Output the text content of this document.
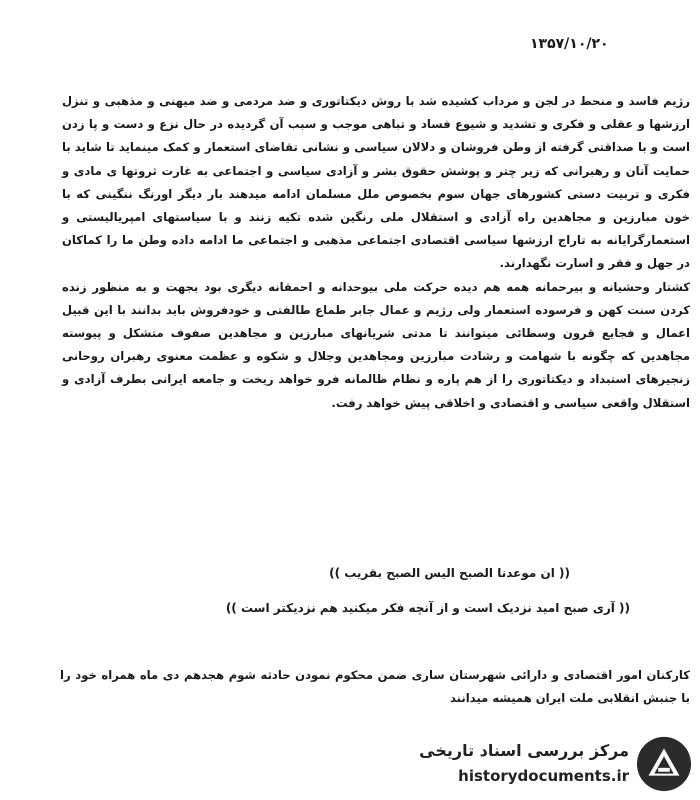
۱۳۵۷/۱۰/۲۰

رژیم فاسد و منحط در لجن و مرداب کشیده شد با روش دیکتاتوری و ضد مردمی و ضد میهنی و مذهبی و تنزل ارزشها و عقلی و فکری و تشدید و شیوع فساد و تباهی موجب و سبب آن گردیده در حال نزع و دست و پا زدن است و با صداقتی گرفته از وطن فروشان و دلالان سیاسی و نشانی تقاضای استعمار و کمک مینماید تا شاید با حمایت آنان و رهبرانی که زیر چتر و پوشش حقوق بشر و آزادی سیاسی و اجتماعی به غارت ثروتها ی مادی و فکری و تربیت دستی کشورهای جهان سوم بخصوص ملل مسلمان ادامه میدهند بار دیگر اورنگ ننگینی که با خون مبارزین و مجاهدین راه آزادی و استقلال ملی رنگین شده تکیه زنند و با سیاستهای امپریالیستی و استعمارگرایانه به تاراج ارزشها سیاسی اقتصادی اجتماعی مذهبی و اجتماعی ما ادامه داده وطن ما را کماکان در جهل و فقر و اسارت نگهدارند.

کشتار وحشیانه و بیرحمانه همه هم دیده حرکت ملی بیوحدانه و احمقانه دیگری بود بجهت و به منظور زنده کردن سنت کهن و فرسوده استعمار ولی رژیم و عمال جابر طماع طالفتی و خودفروش باید بدانند با این قبیل اعمال و فجایع قرون وسطائی میتوانند تا مدتی شریانهای مبارزین و مجاهدین صفوف متشکل و پیوسته مجاهدین که چگونه با شهامت و رشادت مبارزین ومجاهدین وجلال و شکوه و عظمت معنوی رهبران روحانی زنجیرهای استبداد و دیکتاتوری را از هم پاره و نظام ظالمانه فرو خواهد ریخت و جامعه ایرانی بطرف آزادی و استقلال واقعی سیاسی و اقتصادی و اخلاقی پیش خواهد رفت.

(( ان موعدنا الصبح الیس الصبح بقریب ))
(( آری صبح امید نزدیک است و از آنچه فکر میکنید هم نزدیکتر است ))
کارکنان امور اقتصادی و دارائی شهرستان ساری ضمن محکوم نمودن حادثه شوم هجدهم دی ماه همراه خود را با جنبش انقلابی ملت ایران همیشه میدانند
مرکز بررسی اسناد تاریخی
historydocuments.ir
